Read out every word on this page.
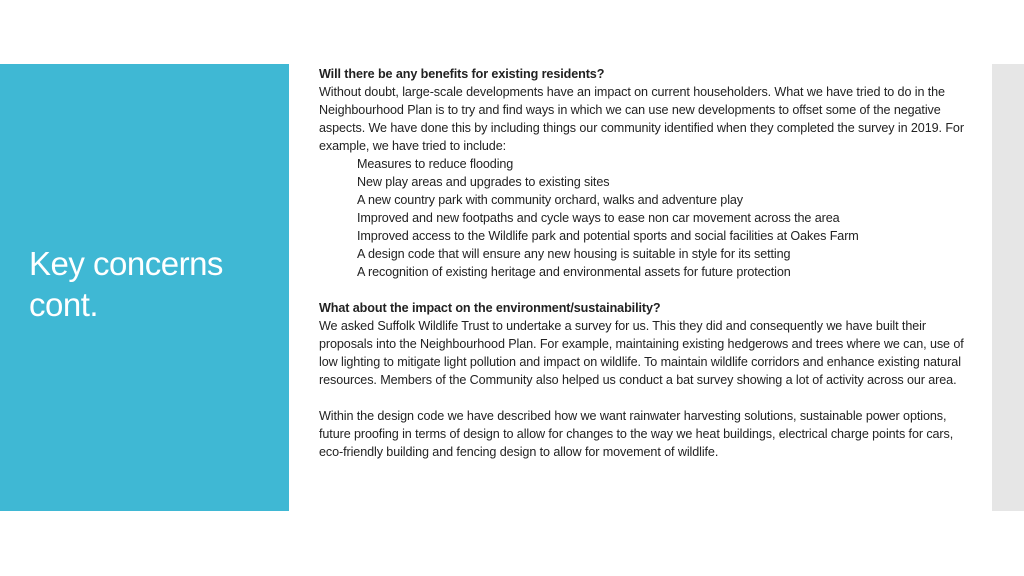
Key concerns cont.

Will there be any benefits for existing residents?

Without doubt, large-scale developments have an impact on current householders. What we have tried to do in the Neighbourhood Plan is to try and find ways in which we can use new developments to offset some of the negative aspects. We have done this by including things our community identified when they completed the survey in 2019. For example, we have tried to include:

Measures to reduce flooding
New play areas and upgrades to existing sites
A new country park with community orchard, walks and adventure play
Improved and new footpaths and cycle ways to ease non car movement across the area
Improved access to the Wildlife park and potential sports and social facilities at Oakes Farm
A design code that will ensure any new housing is suitable in style for its setting
A recognition of existing heritage and environmental assets for future protection

What about the impact on the environment/sustainability?

We asked Suffolk Wildlife Trust to undertake a survey for us. This they did and consequently we have built their proposals into the Neighbourhood Plan. For example, maintaining existing hedgerows and trees where we can, use of low lighting to mitigate light pollution and impact on wildlife. To maintain wildlife corridors and enhance existing natural resources. Members of the Community also helped us conduct a bat survey showing a lot of activity across our area.

Within the design code we have described how we want rainwater harvesting solutions, sustainable power options, future proofing in terms of design to allow for changes to the way we heat buildings, electrical charge points for cars, eco-friendly building and fencing design to allow for movement of wildlife.
